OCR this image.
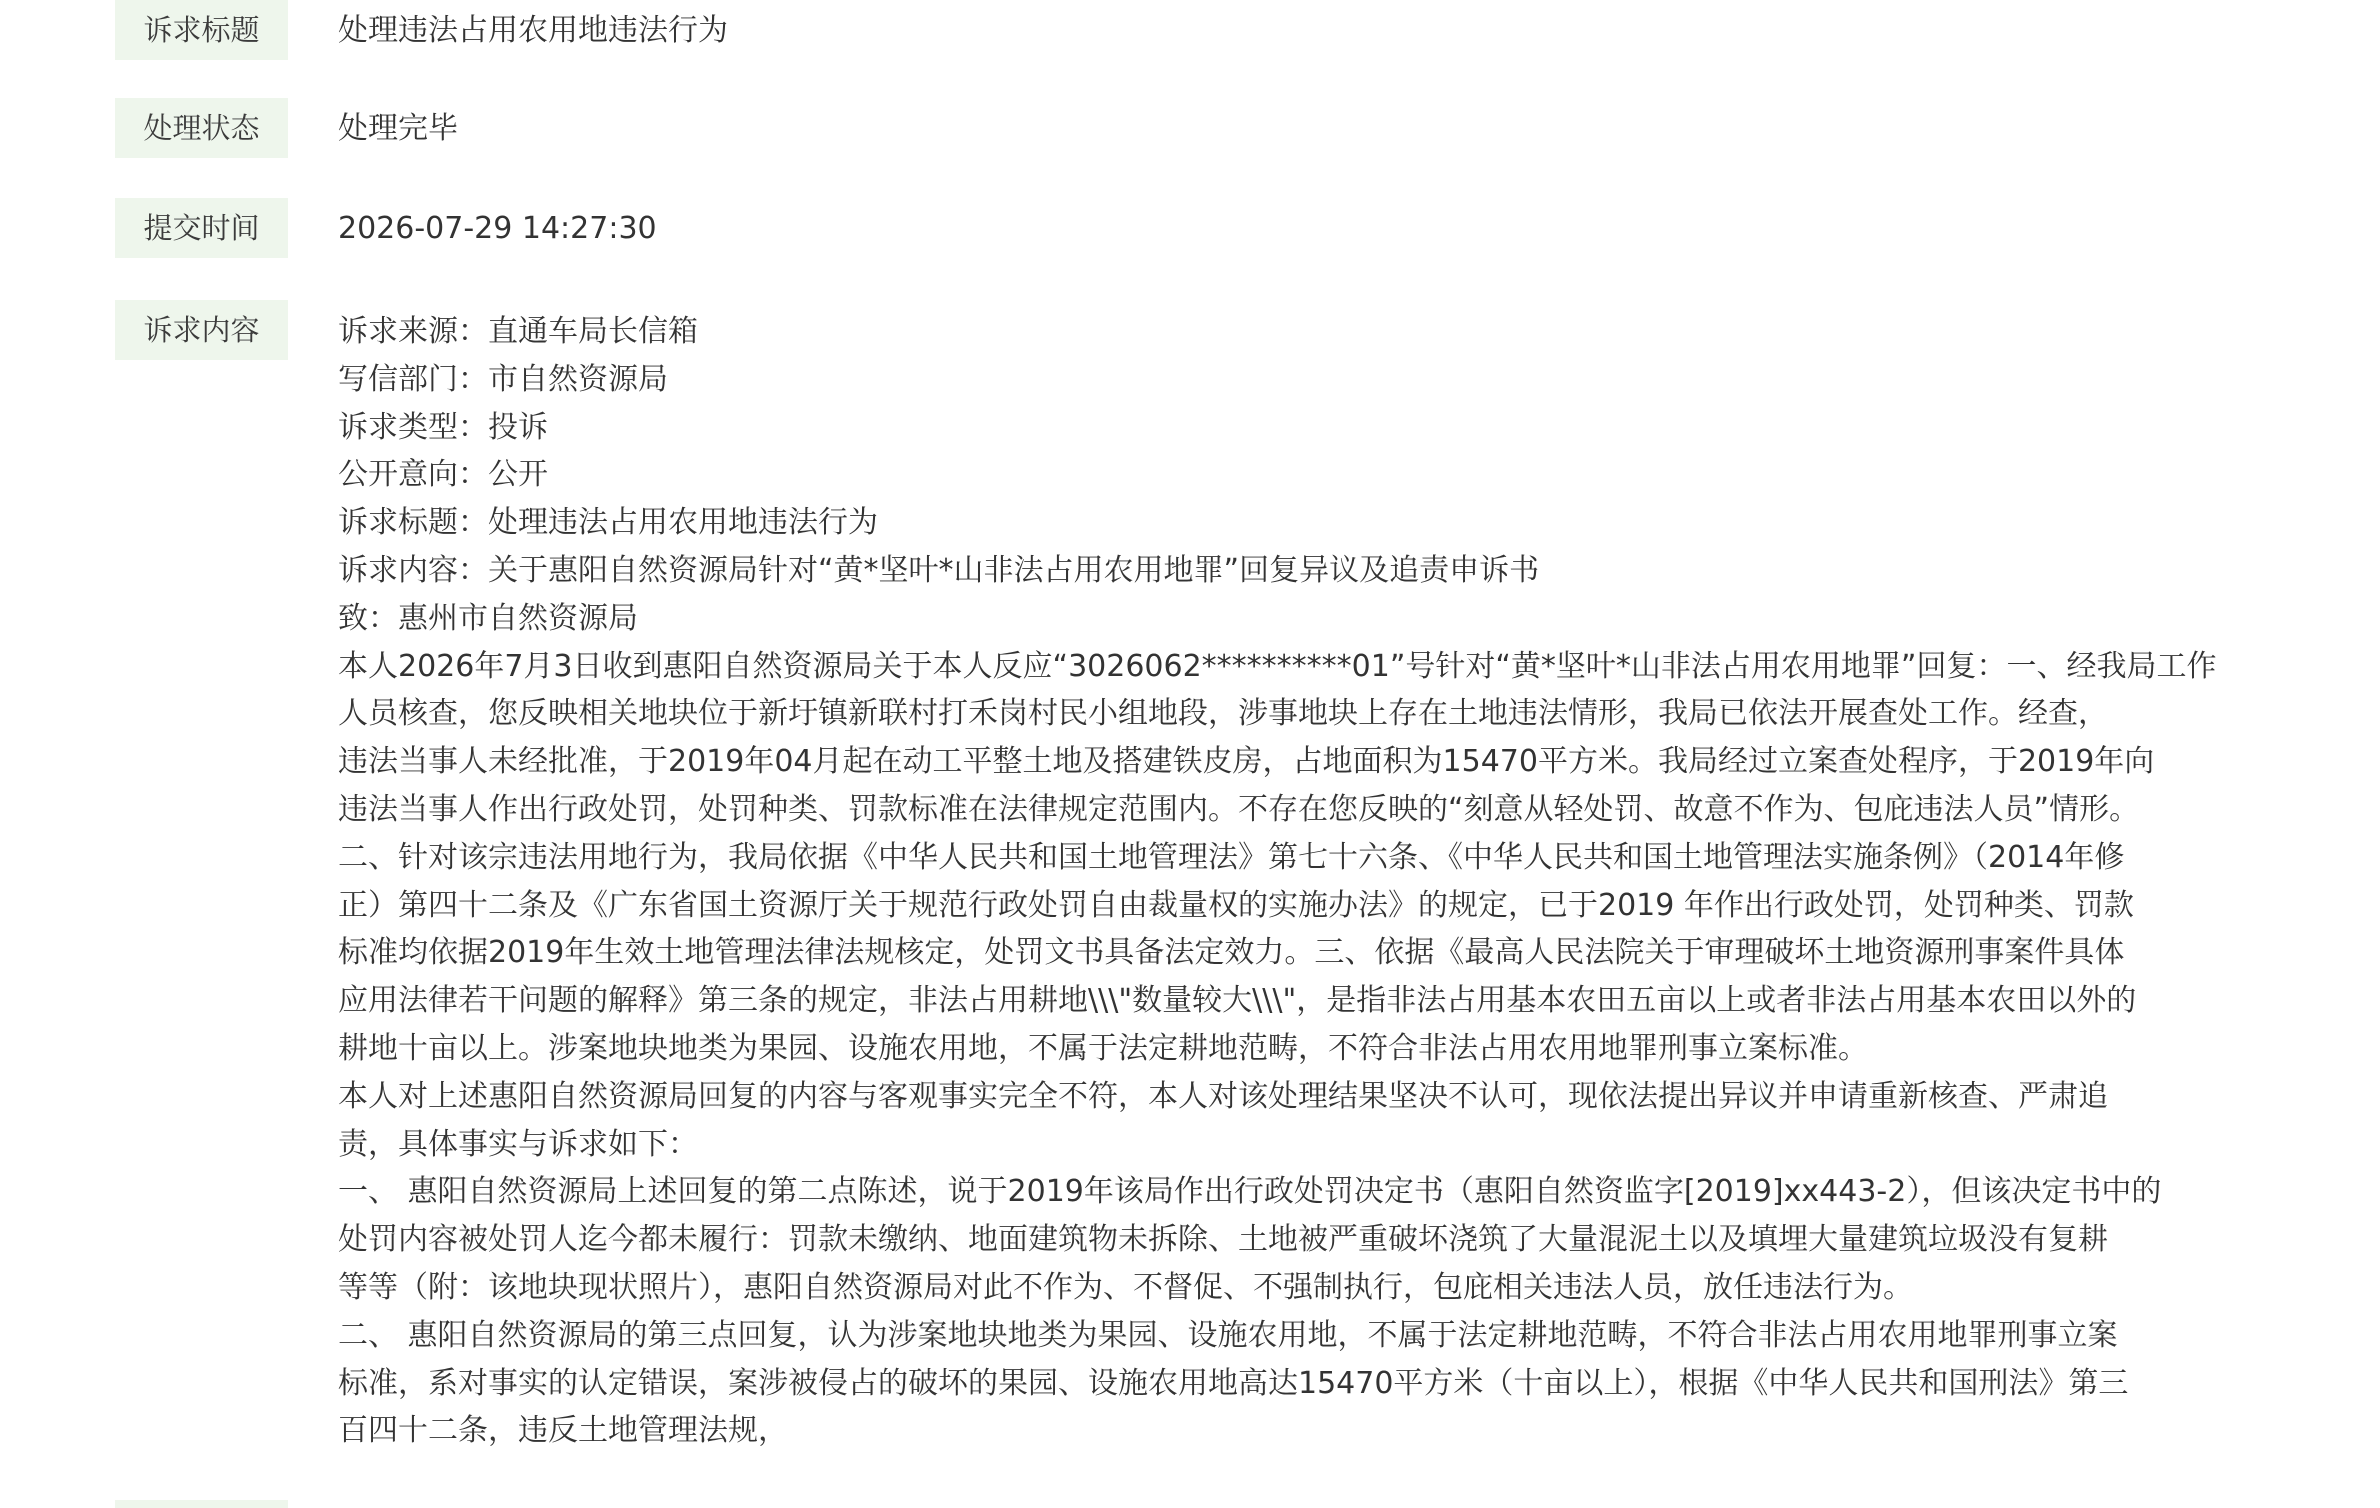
诉求标题	处理违法占用农用地违法行为
处理状态	处理完毕
提交时间	2026-07-29 14:27:30
诉求内容	诉求来源：直通车局长信箱
写信部门：市自然资源局
诉求类型：投诉
公开意向：公开
诉求标题：处理违法占用农用地违法行为
诉求内容：关于惠阳自然资源局针对“黄*坚叶*山非法占用农用地罪”回复异议及追责申诉书
致：惠州市自然资源局
本人2026年7月3日收到惠阳自然资源局关于本人反应“3026062**********01”号针对“黄*坚叶*山非法占用农用地罪”回复：一、经我局工作
人员核查，您反映相关地块位于新圩镇新联村打禾岗村民小组地段，涉事地块上存在土地违法情形，我局已依法开展查处工作。经查，
违法当事人未经批准，于2019年04月起在动工平整土地及搭建铁皮房，占地面积为15470平方米。我局经过立案查处程序，于2019年向
违法当事人作出行政处罚，处罚种类、罚款标准在法律规定范围内。不存在您反映的“刻意从轻处罚、故意不作为、包庇违法人员”情形。
二、针对该宗违法用地行为，我局依据《中华人民共和国土地管理法》第七十六条、《中华人民共和国土地管理法实施条例》（2014年修
正）第四十二条及《广东省国土资源厅关于规范行政处罚自由裁量权的实施办法》的规定，已于2019 年作出行政处罚，处罚种类、罚款
标准均依据2019年生效土地管理法律法规核定，处罚文书具备法定效力。三、依据《最高人民法院关于审理破坏土地资源刑事案件具体
应用法律若干问题的解释》第三条的规定，非法占用耕地\\\"数量较大\\\"，是指非法占用基本农田五亩以上或者非法占用基本农田以外的
耕地十亩以上。涉案地块地类为果园、设施农用地，不属于法定耕地范畴，不符合非法占用农用地罪刑事立案标准。
本人对上述惠阳自然资源局回复的内容与客观事实完全不符，本人对该处理结果坚决不认可，现依法提出异议并申请重新核查、严肃追
责，具体事实与诉求如下：
一、 惠阳自然资源局上述回复的第二点陈述，说于2019年该局作出行政处罚决定书（惠阳自然资监字[2019]xx443-2），但该决定书中的
处罚内容被处罚人迄今都未履行：罚款未缴纳、地面建筑物未拆除、土地被严重破坏浇筑了大量混泥土以及填埋大量建筑垃圾没有复耕
等等（附：该地块现状照片），惠阳自然资源局对此不作为、不督促、不强制执行，包庇相关违法人员，放任违法行为。
二、 惠阳自然资源局的第三点回复，认为涉案地块地类为果园、设施农用地，不属于法定耕地范畴，不符合非法占用农用地罪刑事立案
标准，系对事实的认定错误，案涉被侵占的破坏的果园、设施农用地高达15470平方米（十亩以上），根据《中华人民共和国刑法》第三
百四十二条，违反土地管理法规，
